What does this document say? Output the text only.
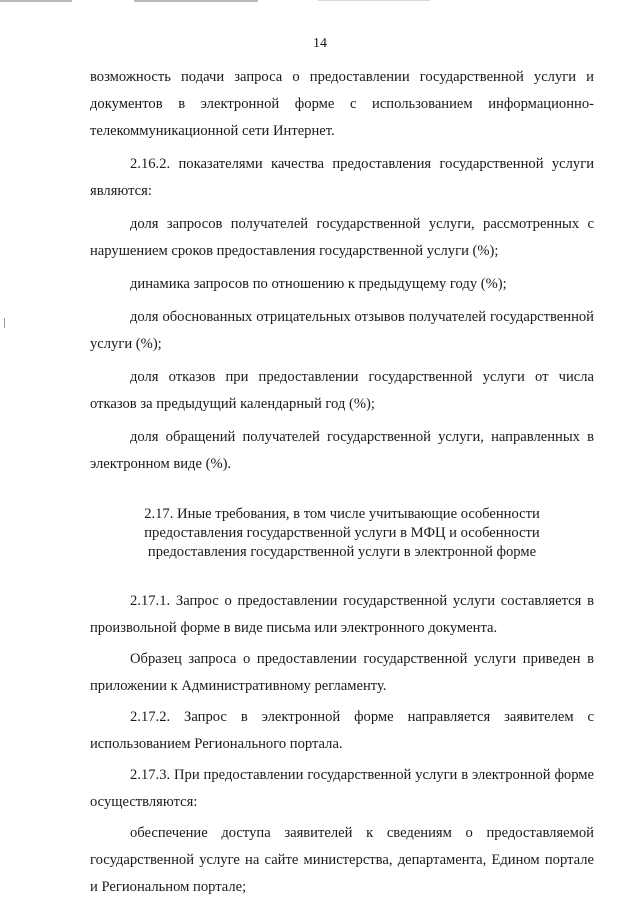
14

возможность подачи запроса о предоставлении государственной услуги и документов в электронной форме с использованием информационно-телекоммуникационной сети Интернет.

2.16.2. показателями качества предоставления государственной услуги являются:

доля запросов получателей государственной услуги, рассмотренных с нарушением сроков предоставления государственной услуги (%);

динамика запросов по отношению к предыдущему году (%);

доля обоснованных отрицательных отзывов получателей государственной услуги (%);

доля отказов при предоставлении государственной услуги от числа отказов за предыдущий календарный год (%);

доля обращений получателей государственной услуги, направленных в электронном виде (%).

2.17. Иные требования, в том числе учитывающие особенности
предоставления государственной услуги в МФЦ и особенности
предоставления государственной услуги в электронной форме

2.17.1. Запрос о предоставлении государственной услуги составляется в произвольной форме в виде письма или электронного документа.

Образец запроса о предоставлении государственной услуги приведен в приложении к Административному регламенту.

2.17.2. Запрос в электронной форме направляется заявителем с использованием Регионального портала.

2.17.3. При предоставлении государственной услуги в электронной форме осуществляются:

обеспечение доступа заявителей к сведениям о предоставляемой государственной услуге на сайте министерства, департамента, Едином портале и Региональном портале;
